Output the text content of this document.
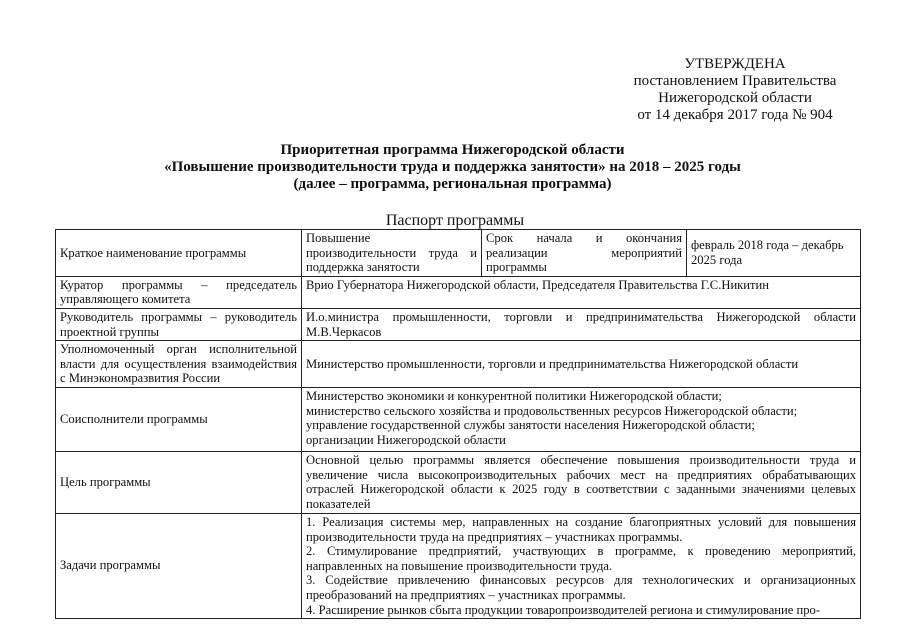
УТВЕРЖДЕНА
постановлением Правительства
Нижегородской области
от 14 декабря 2017 года № 904
Приоритетная программа Нижегородской области
«Повышение производительности труда и поддержка занятости» на 2018 – 2025 годы
(далее – программа, региональная программа)
Паспорт программы
Краткое наименование программы	Повышение производительности труда и поддержка занятости	Срок начала и окончания реализации мероприятий программы	февраль 2018 года – декабрь 2025 года
Куратор программы – председатель управляющего комитета	Врио Губернатора Нижегородской области, Председателя Правительства Г.С.Никитин		
Руководитель программы – руководитель проектной группы	И.о.министра промышленности, торговли и предпринимательства Нижегородской области М.В.Черкасов		
Уполномоченный орган исполнительной власти для осуществления взаимодействия с Минэкономразвития России	Министерство промышленности, торговли и предпринимательства Нижегородской области		
Соисполнители программы	Министерство экономики и конкурентной политики Нижегородской области;
министерство сельского хозяйства и продовольственных ресурсов Нижегородской области;
управление государственной службы занятости населения Нижегородской области;
организации Нижегородской области		

Цель программы	Основной целью программы является обеспечение повышения производительности труда и увеличение числа высокопроизводительных рабочих мест на предприятиях обрабатывающих отраслей Нижегородской области к 2025 году в соответствии с заданными значениями целевых показателей		
Задачи программы	1. Реализация системы мер, направленных на создание благоприятных условий для повышения производительности труда на предприятиях – участниках программы.
2. Стимулирование предприятий, участвующих в программе, к проведению мероприятий, направленных на повышение производительности труда.
3. Содействие привлечению финансовых ресурсов для технологических и организационных преобразований на предприятиях – участниках программы.
4. Расширение рынков сбыта продукции товаропроизводителей региона и стимулирование про-		
